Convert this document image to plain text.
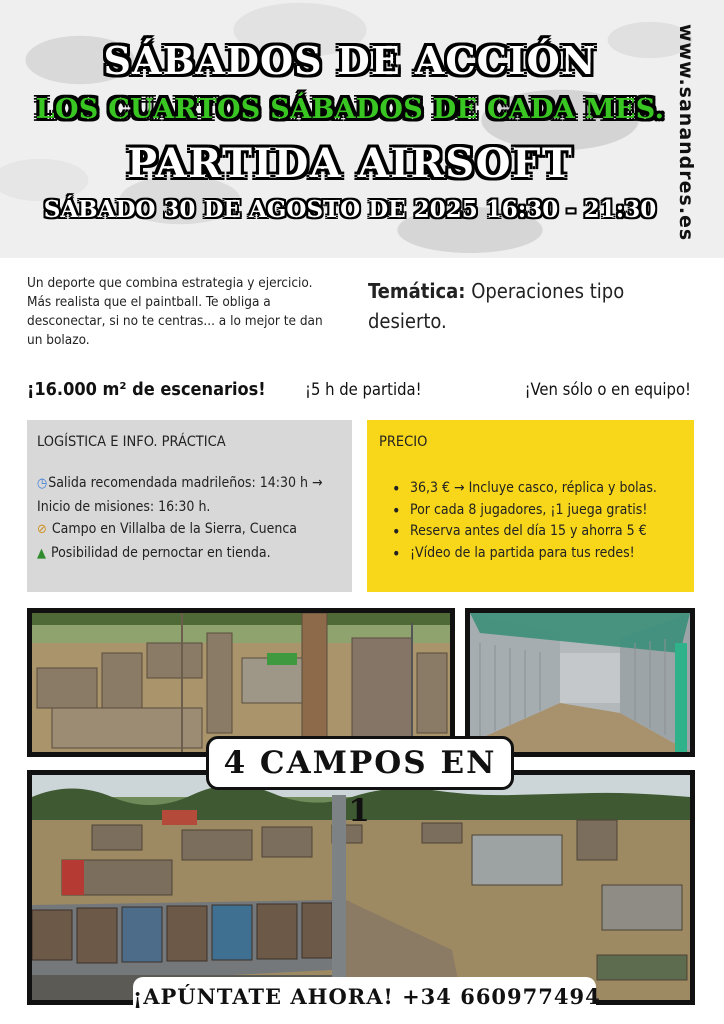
SÁBADOS DE ACCIÓN
LOS CUARTOS SÁBADOS DE CADA MES.
PARTIDA AIRSOFT
SÁBADO 30 DE AGOSTO DE 2025 16:30 - 21:30 www.sanandres.es
Un deporte que combina estrategia y ejercicio. Más realista que el paintball. Te obliga a desconectar, si no te centras... a lo mejor te dan un bolazo.
Temática: Operaciones tipo desierto.
¡16.000 m² de escenarios! ¡5 h de partida!	¡Ven sólo o en equipo!
LOGÍSTICA E INFO. PRÁCTICA
◷Salida recomendada madrileños: 14:30 h →
Inicio de misiones: 16:30 h.
⊘ Campo en Villalba de la Sierra, Cuenca
▲ Posibilidad de pernoctar en tienda.
PRECIO
• 36,3 € → Incluye casco, réplica y bolas.
• Por cada 8 jugadores, ¡1 juega gratis!
• Reserva antes del día 15 y ahorra 5 €
• ¡Vídeo de la partida para tus redes!
4 CAMPOS EN 1
¡APÚNTATE AHORA! +34 660977494
